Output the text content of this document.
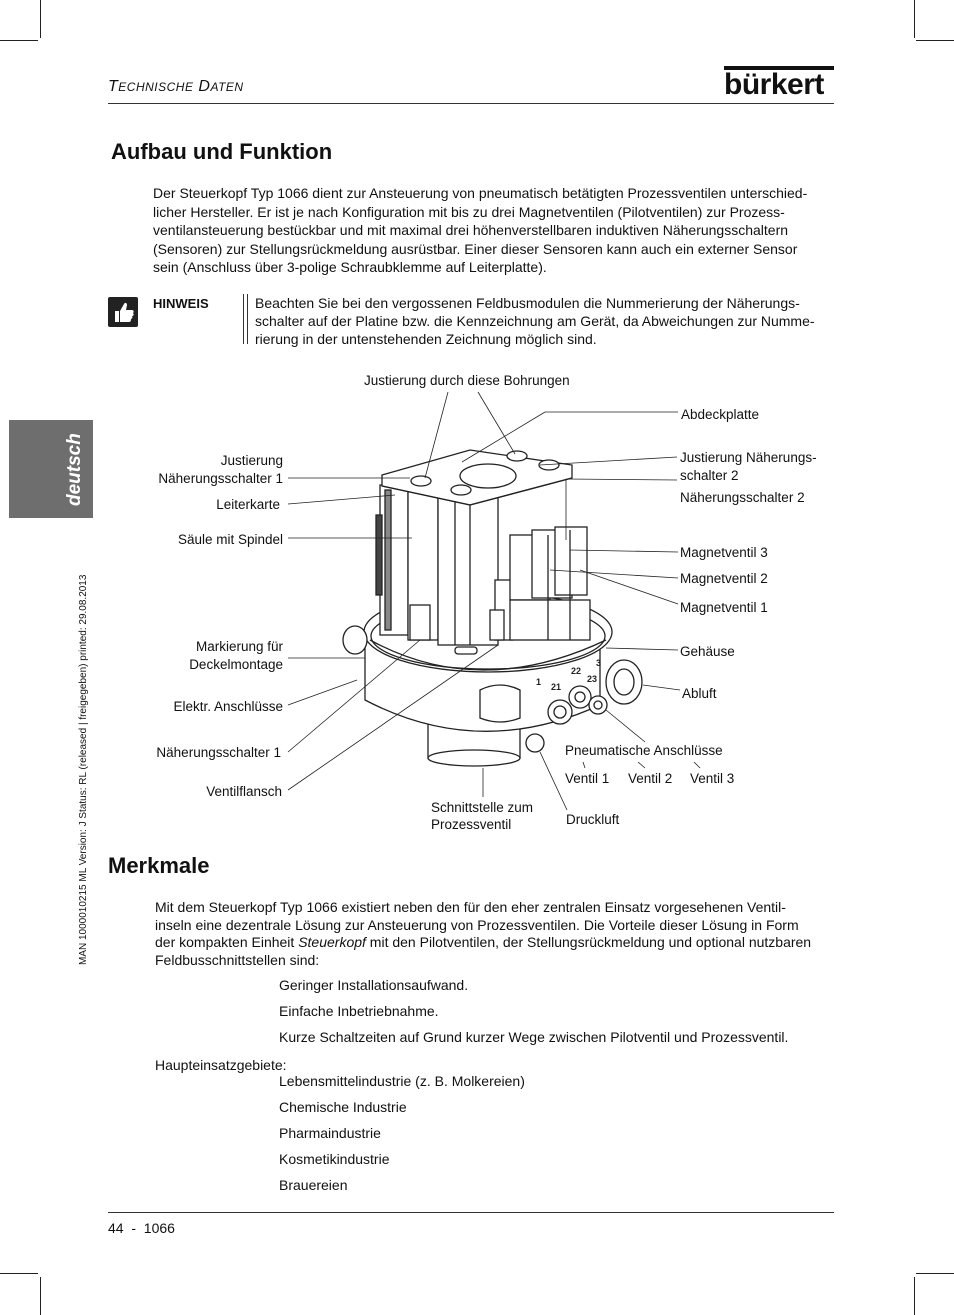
TECHNISCHE DATEN	bürkert
deutsch
MAN 1000010215 ML Version: J Status: RL (released | freigegeben) printed: 29.08.2013
Aufbau und Funktion
Der Steuerkopf Typ 1066 dient zur Ansteuerung von pneumatisch betätigten Prozessventilen unterschied-
licher Hersteller. Er ist je nach Konfiguration mit bis zu drei Magnetventilen (Pilotventilen) zur Prozess-
ventilansteuerung bestückbar und mit maximal drei höhenverstellbaren induktiven Näherungsschaltern
(Sensoren) zur Stellungsrückmeldung ausrüstbar. Einer dieser Sensoren kann auch ein externer Sensor
sein (Anschluss über 3-polige Schraubklemme auf Leiterplatte).
HINWEIS	Beachten Sie bei den vergossenen Feldbusmodulen die Nummerierung der Näherungs-
schalter auf der Platine bzw. die Kennzeichnung am Gerät, da Abweichungen zur Numme-
rierung in der untenstehenden Zeichnung möglich sind.
1 21
22
23
3
Justierung durch diese Bohrungen
Justierung
Näherungsschalter 1
Leiterkarte
Säule mit Spindel
Markierung für
Deckelmontage
Elektr. Anschlüsse
Näherungsschalter 1
Ventilflansch
Abdeckplatte
Justierung Näherungs-
schalter 2
Näherungsschalter 2
Magnetventil 3
Magnetventil 2
Magnetventil 1
Gehäuse
Abluft
Pneumatische Anschlüsse
Ventil 1 Ventil 2 Ventil 3
Schnittstelle zum
Prozessventil	Druckluft
Merkmale
Mit dem Steuerkopf Typ 1066 existiert neben den für den eher zentralen Einsatz vorgesehenen Ventil-
inseln eine dezentrale Lösung zur Ansteuerung von Prozessventilen. Die Vorteile dieser Lösung in Form
der kompakten Einheit Steuerkopf mit den Pilotventilen, der Stellungsrückmeldung und optional nutzbaren
Feldbusschnittstellen sind:
Geringer Installationsaufwand.
Einfache Inbetriebnahme.
Kurze Schaltzeiten auf Grund kurzer Wege zwischen Pilotventil und Prozessventil.
Haupteinsatzgebiete:
Lebensmittelindustrie (z. B. Molkereien)
Chemische Industrie
Pharmaindustrie
Kosmetikindustrie
Brauereien
44  -  1066
